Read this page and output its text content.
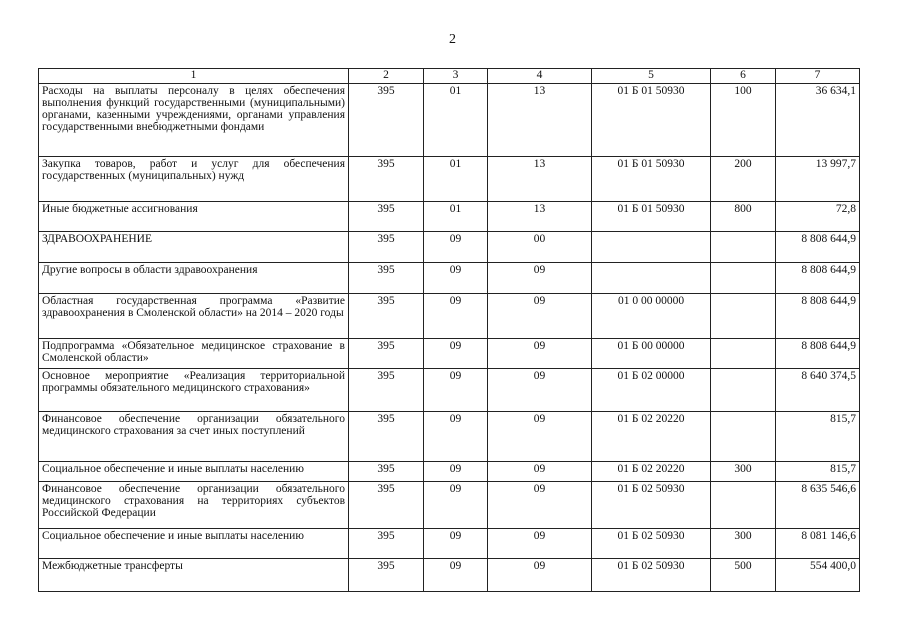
2
1	2	3	4	5	6	7
Расходы на выплаты персоналу в целях обеспечения выполнения функций государственными (муниципальными) органами, казенными учреждениями, органами управления государственными внебюджетными фондами	395	01	13	01 Б 01 50930	100	36 634,1
Закупка товаров, работ и услуг для обеспечения государственных (муниципальных) нужд	395	01	13	01 Б 01 50930	200	13 997,7
Иные бюджетные ассигнования	395	01	13	01 Б 01 50930	800	72,8
ЗДРАВООХРАНЕНИЕ	395	09	00			8 808 644,9
Другие вопросы в области здравоохранения	395	09	09			8 808 644,9
Областная государственная программа «Развитие здравоохранения в Смоленской области» на 2014 – 2020 годы	395	09	09	01 0 00 00000		8 808 644,9
Подпрограмма «Обязательное медицинское страхование в Смоленской области»	395	09	09	01 Б 00 00000		8 808 644,9
Основное мероприятие «Реализация территориальной программы обязательного медицинского страхования»	395	09	09	01 Б 02 00000		8 640 374,5
Финансовое обеспечение организации обязательного медицинского страхования за счет иных поступлений	395	09	09	01 Б 02 20220		815,7
Социальное обеспечение и иные выплаты населению	395	09	09	01 Б 02 20220	300	815,7
Финансовое обеспечение организации обязательного медицинского страхования на территориях субъектов Российской Федерации	395	09	09	01 Б 02 50930		8 635 546,6
Социальное обеспечение и иные выплаты населению	395	09	09	01 Б 02 50930	300	8 081 146,6
Межбюджетные трансферты	395	09	09	01 Б 02 50930	500	554 400,0
